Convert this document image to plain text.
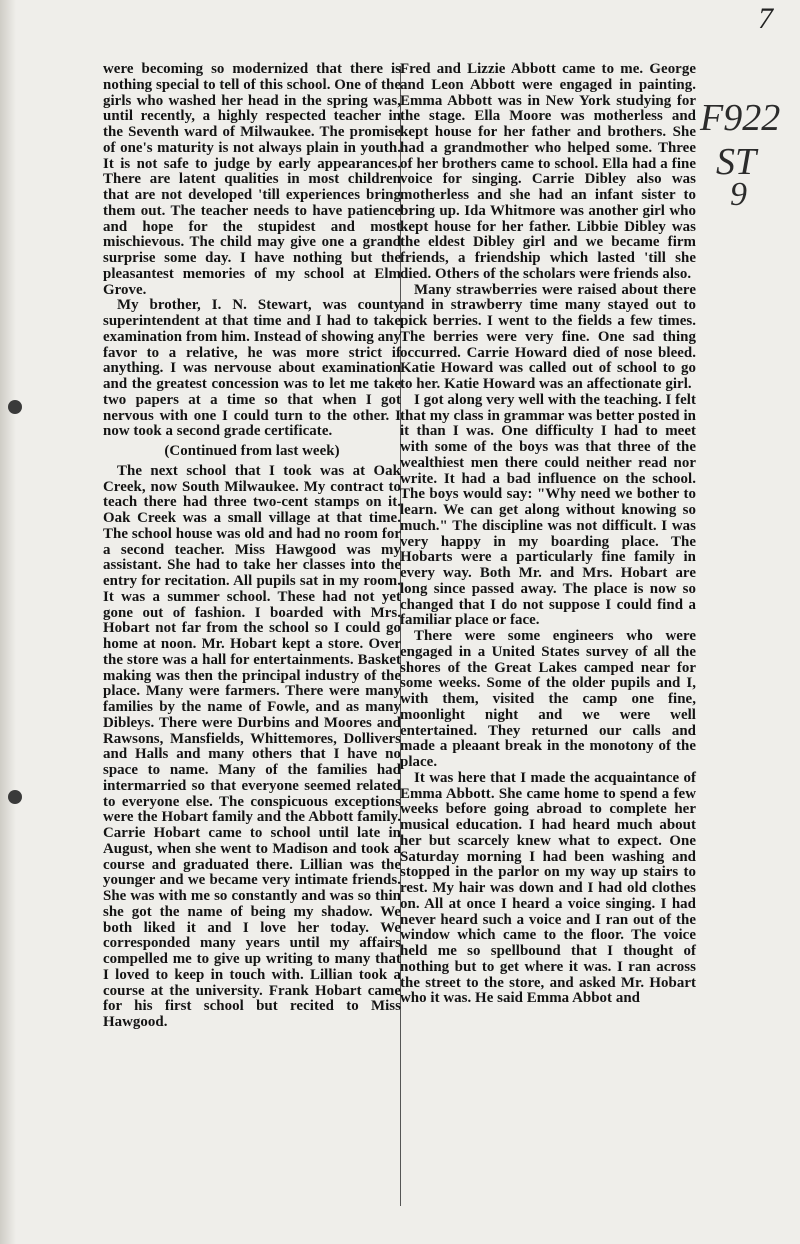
7
F922
ST
9

were becoming so modernized that there is nothing special to tell of this school. One of the girls who washed her head in the spring was, until recently, a highly respected teacher in the Seventh ward of Milwaukee. The promise of one's maturity is not always plain in youth. It is not safe to judge by early appearances. There are latent qualities in most children that are not developed 'till experiences bring them out. The teacher needs to have patience and hope for the stupidest and most mischievous. The child may give one a grand surprise some day. I have nothing but the pleasantest memories of my school at Elm Grove.

My brother, I. N. Stewart, was county superintendent at that time and I had to take examination from him. Instead of showing any favor to a relative, he was more strict if anything. I was nervouse about examination and the greatest concession was to let me take two papers at a time so that when I got nervous with one I could turn to the other. I now took a second grade certificate.

(Continued from last week)

The next school that I took was at Oak Creek, now South Milwaukee. My contract to teach there had three two-cent stamps on it. Oak Creek was a small village at that time. The school house was old and had no room for a second teacher. Miss Hawgood was my assistant. She had to take her classes into the entry for recitation. All pupils sat in my room. It was a summer school. These had not yet gone out of fashion. I boarded with Mrs. Hobart not far from the school so I could go home at noon. Mr. Hobart kept a store. Over the store was a hall for entertainments. Basket making was then the principal industry of the place. Many were farmers. There were many families by the name of Fowle, and as many Dibleys. There were Durbins and Moores and Rawsons, Mansfields, Whittemores, Dollivers and Halls and many others that I have no space to name. Many of the families had intermarried so that everyone seemed related to everyone else. The conspicuous exceptions were the Hobart family and the Abbott family. Carrie Hobart came to school until late in August, when she went to Madison and took a course and graduated there. Lillian was the younger and we became very intimate friends. She was with me so constantly and was so thin she got the name of being my shadow. We both liked it and I love her today. We corresponded many years until my affairs compelled me to give up writing to many that I loved to keep in touch with. Lillian took a course at the university. Frank Hobart came for his first school but recited to Miss Hawgood.

Fred and Lizzie Abbott came to me. George and Leon Abbott were engaged in painting. Emma Abbott was in New York studying for the stage. Ella Moore was motherless and kept house for her father and brothers. She had a grandmother who helped some. Three of her brothers came to school. Ella had a fine voice for singing. Carrie Dibley also was motherless and she had an infant sister to bring up. Ida Whitmore was another girl who kept house for her father. Libbie Dibley was the eldest Dibley girl and we became firm friends, a friendship which lasted 'till she died. Others of the scholars were friends also.

Many strawberries were raised about there and in strawberry time many stayed out to pick berries. I went to the fields a few times. The berries were very fine. One sad thing occurred. Carrie Howard died of nose bleed. Katie Howard was called out of school to go to her. Katie Howard was an affectionate girl.

I got along very well with the teaching. I felt that my class in grammar was better posted in it than I was. One difficulty I had to meet with some of the boys was that three of the wealthiest men there could neither read nor write. It had a bad influence on the school. The boys would say: "Why need we bother to learn. We can get along without knowing so much." The discipline was not difficult. I was very happy in my boarding place. The Hobarts were a particularly fine family in every way. Both Mr. and Mrs. Hobart are long since passed away. The place is now so changed that I do not suppose I could find a familiar place or face.

There were some engineers who were engaged in a United States survey of all the shores of the Great Lakes camped near for some weeks. Some of the older pupils and I, with them, visited the camp one fine, moonlight night and we were well entertained. They returned our calls and made a pleaant break in the monotony of the place.

It was here that I made the acquaintance of Emma Abbott. She came home to spend a few weeks before going abroad to complete her musical education. I had heard much about her but scarcely knew what to expect. One Saturday morning I had been washing and stopped in the parlor on my way up stairs to rest. My hair was down and I had old clothes on. All at once I heard a voice singing. I had never heard such a voice and I ran out of the window which came to the floor. The voice held me so spellbound that I thought of nothing but to get where it was. I ran across the street to the store, and asked Mr. Hobart who it was. He said Emma Abbot and
